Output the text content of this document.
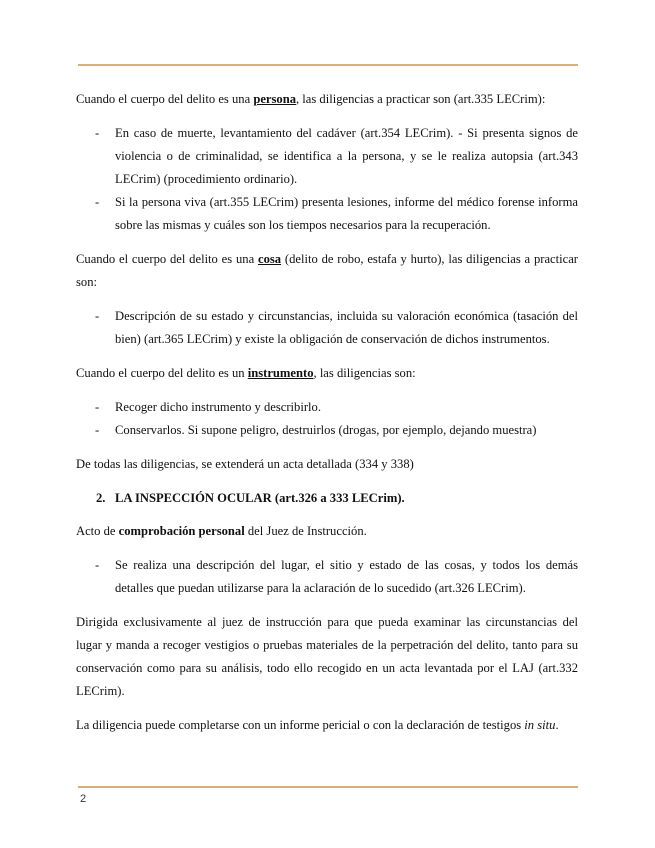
Cuando el cuerpo del delito es una persona, las diligencias a practicar son (art.335 LECrim):

- En caso de muerte, levantamiento del cadáver (art.354 LECrim). - Si presenta signos de violencia o de criminalidad, se identifica a la persona, y se le realiza autopsia (art.343 LECrim) (procedimiento ordinario).
- Si la persona viva (art.355 LECrim) presenta lesiones, informe del médico forense informa sobre las mismas y cuáles son los tiempos necesarios para la recuperación.

Cuando el cuerpo del delito es una cosa (delito de robo, estafa y hurto), las diligencias a practicar son:

- Descripción de su estado y circunstancias, incluida su valoración económica (tasación del bien) (art.365 LECrim) y existe la obligación de conservación de dichos instrumentos.

Cuando el cuerpo del delito es un instrumento, las diligencias son:

- Recoger dicho instrumento y describirlo.
- Conservarlos. Si supone peligro, destruirlos (drogas, por ejemplo, dejando muestra)

De todas las diligencias, se extenderá un acta detallada (334 y 338)

2. LA INSPECCIÓN OCULAR (art.326 a 333 LECrim).

Acto de comprobación personal del Juez de Instrucción.

- Se realiza una descripción del lugar, el sitio y estado de las cosas, y todos los demás detalles que puedan utilizarse para la aclaración de lo sucedido (art.326 LECrim).

Dirigida exclusivamente al juez de instrucción para que pueda examinar las circunstancias del lugar y manda a recoger vestigios o pruebas materiales de la perpetración del delito, tanto para su conservación como para su análisis, todo ello recogido en un acta levantada por el LAJ (art.332 LECrim).

La diligencia puede completarse con un informe pericial o con la declaración de testigos in situ.

2
